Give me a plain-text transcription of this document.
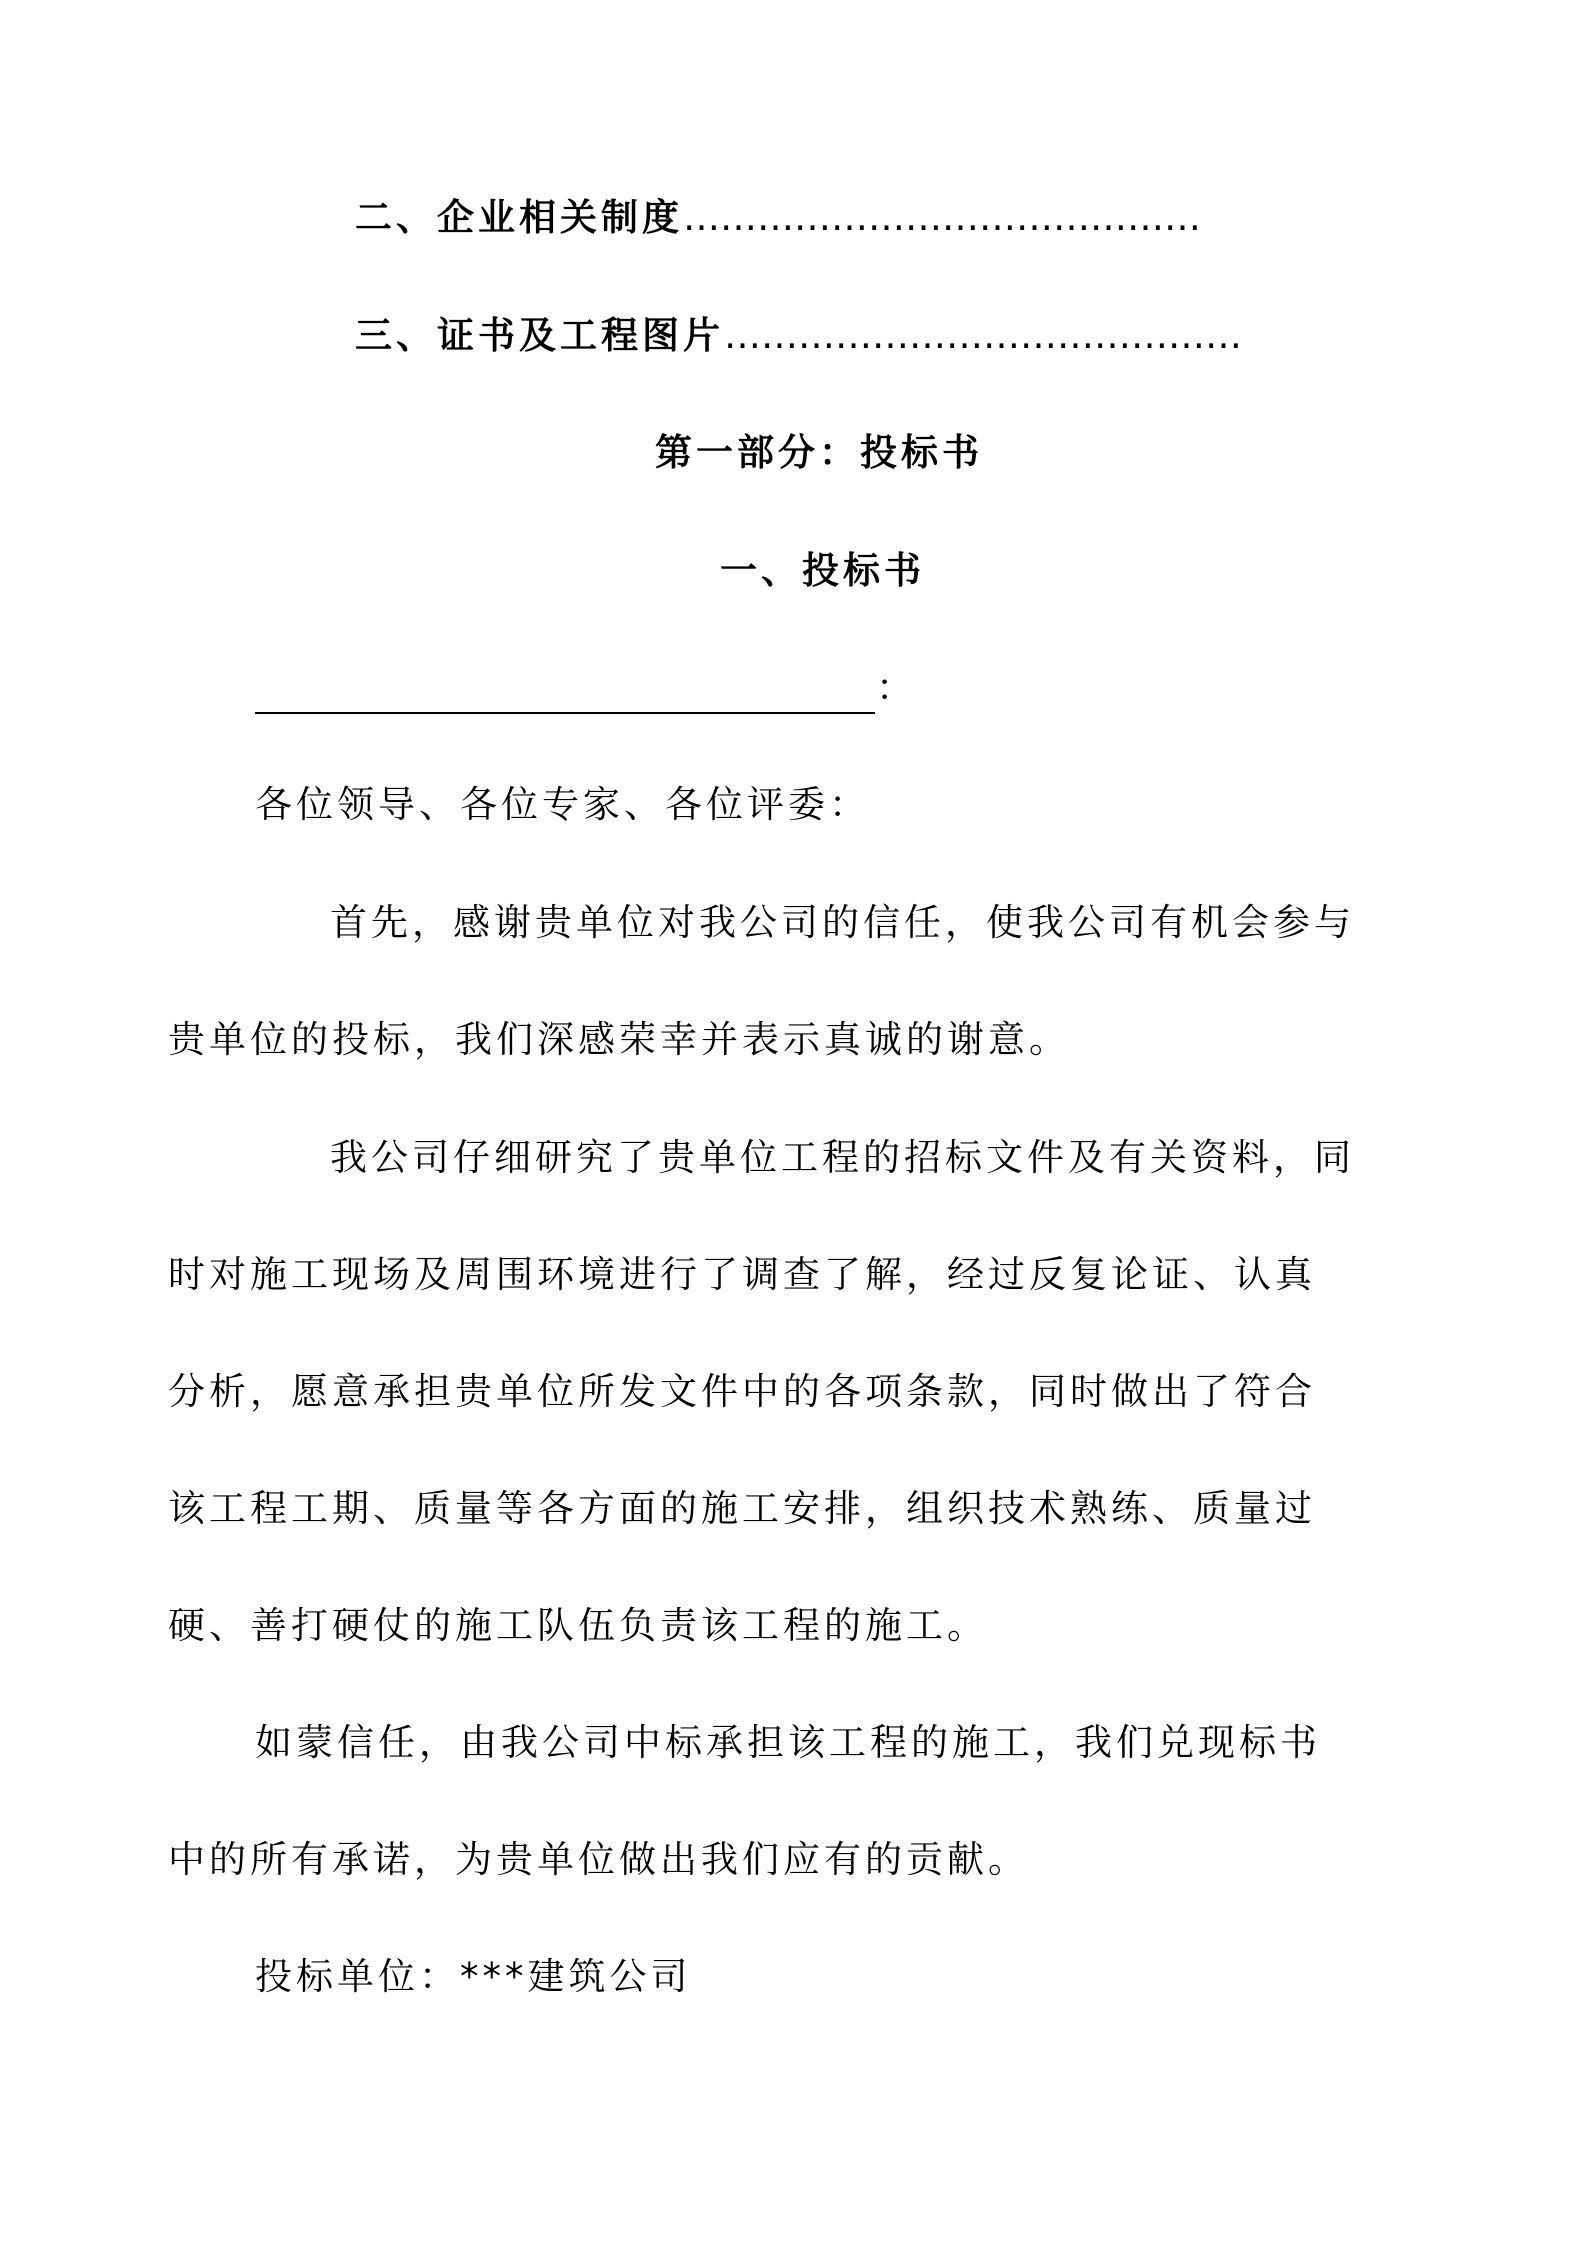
二、企业相关制度……………………………………
三、证书及工程图片……………………………………
第一部分：投标书
一、投标书
：
各位领导、各位专家、各位评委：
首先，感谢贵单位对我公司的信任，使我公司有机会参与
贵单位的投标，我们深感荣幸并表示真诚的谢意。
我公司仔细研究了贵单位工程的招标文件及有关资料，同
时对施工现场及周围环境进行了调查了解，经过反复论证、认真
分析，愿意承担贵单位所发文件中的各项条款，同时做出了符合
该工程工期、质量等各方面的施工安排，组织技术熟练、质量过
硬、善打硬仗的施工队伍负责该工程的施工。
如蒙信任，由我公司中标承担该工程的施工，我们兑现标书
中的所有承诺，为贵单位做出我们应有的贡献。
投标单位：***建筑公司
